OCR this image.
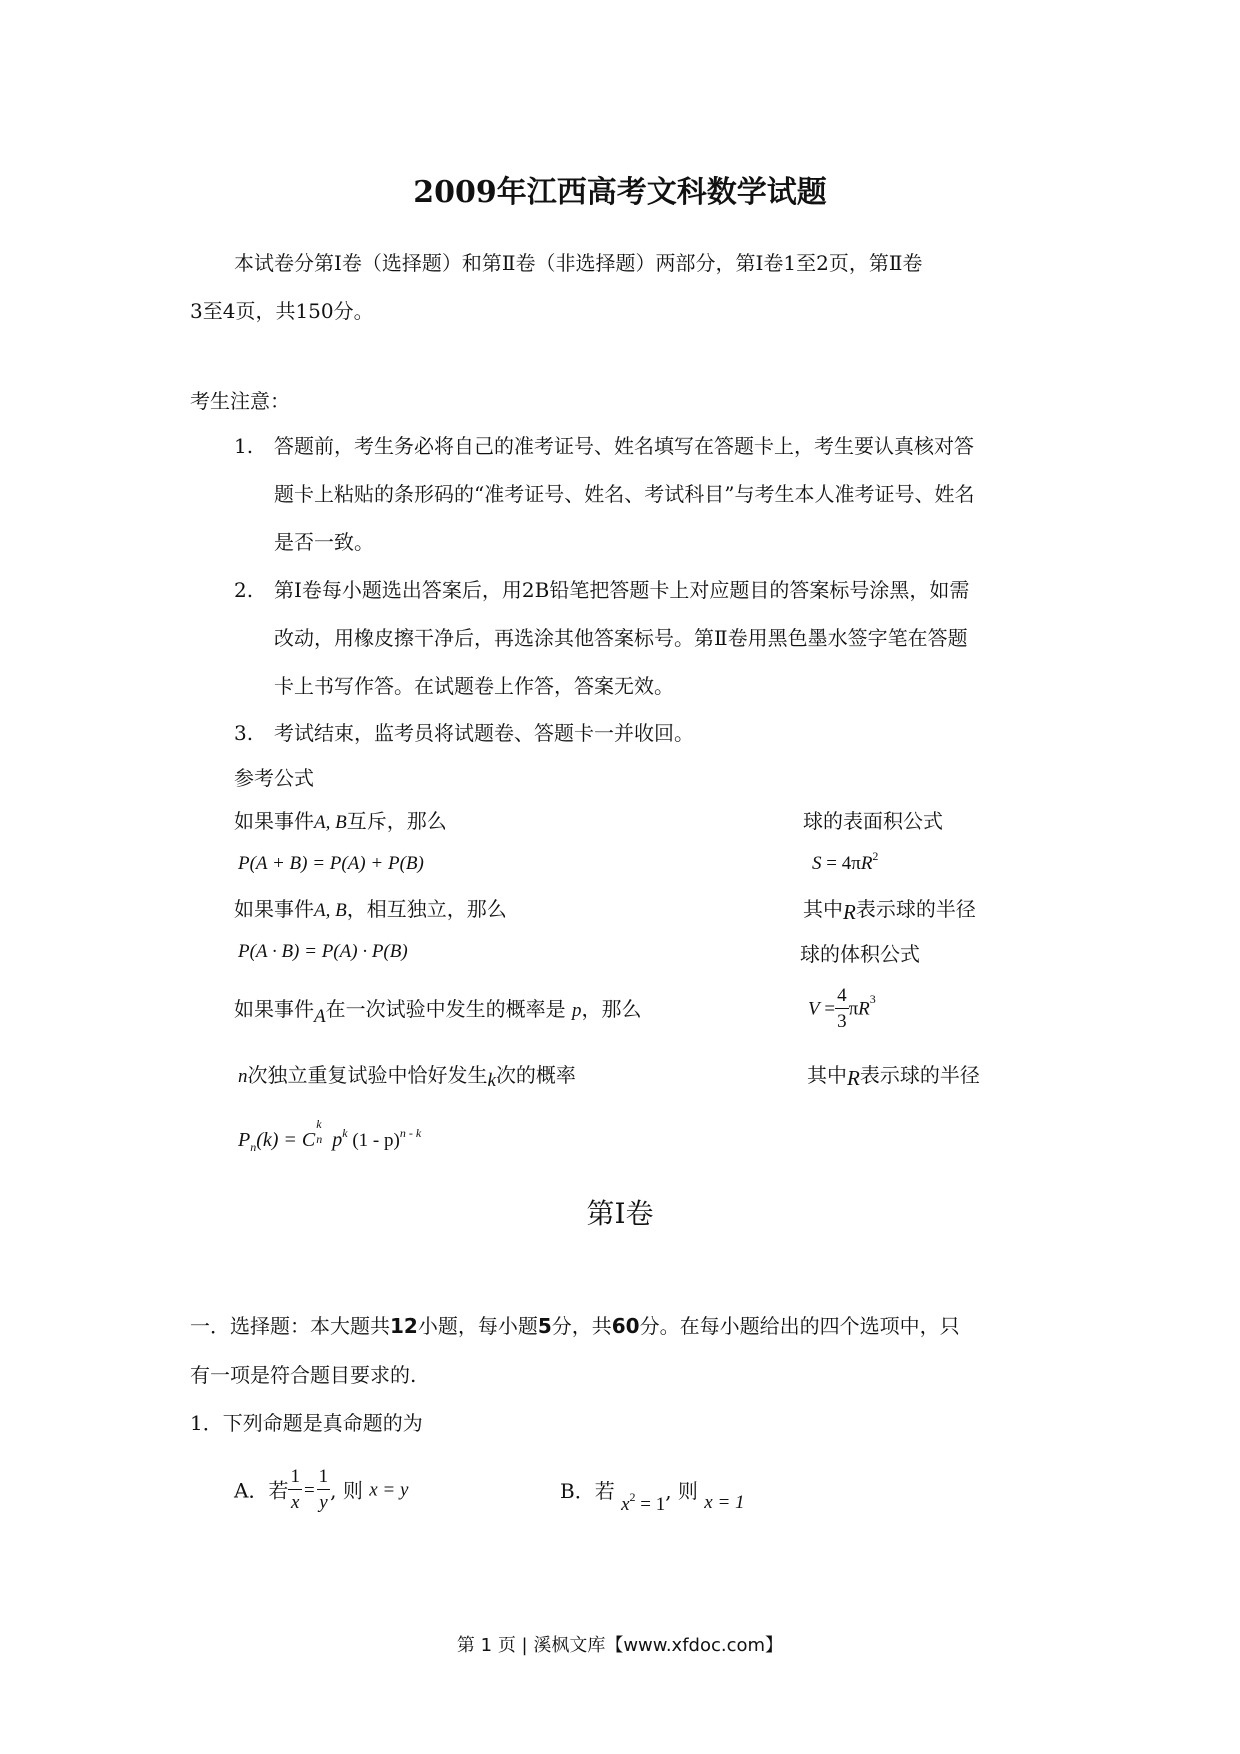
2009年江西高考文科数学试题
本试卷分第Ⅰ卷（选择题）和第Ⅱ卷（非选择题）两部分，第Ⅰ卷1至2页，第Ⅱ卷
3至4页，共150分。
考生注意：
1. 答题前，考生务必将自己的准考证号、姓名填写在答题卡上，考生要认真核对答
题卡上粘贴的条形码的“准考证号、姓名、考试科目”与考生本人准考证号、姓名
是否一致。
2. 第Ⅰ卷每小题选出答案后，用2B铅笔把答题卡上对应题目的答案标号涂黑，如需
改动，用橡皮擦干净后，再选涂其他答案标号。第Ⅱ卷用黑色墨水签字笔在答题
卡上书写作答。在试题卷上作答，答案无效。
3. 考试结束，监考员将试题卷、答题卡一并收回。
参考公式
如果事件A, B互斥，那么
P(A + B) = P(A) + P(B)
如果事件A, B，相互独立，那么
P(A · B) = P(A) · P(B)
如果事件A在一次试验中发生的概率是 p，那么
n次独立重复试验中恰好发生k次的概率
$P_n(k) = C$
k
n $p^k$ (1 - p)$^{n - k}$
球的表面积公式
S = 4πR$^2$
其中R表示球的半径
球的体积公式
$V = \frac{4}{3} \pi R^3$
其中R表示球的半径
第Ⅰ卷
一．选择题：本大题共12小题，每小题5分，共60分。在每小题给出的四个选项中，只
有一项是符合题目要求的.
1．下列命题是真命题的为
A．若 $\frac{1}{x} = \frac{1}{y}$ , 则 x = y	B．若 x$^2$ = 1, 则 x = 1
第 1 页 | 溪枫文库【www.xfdoc.com】
